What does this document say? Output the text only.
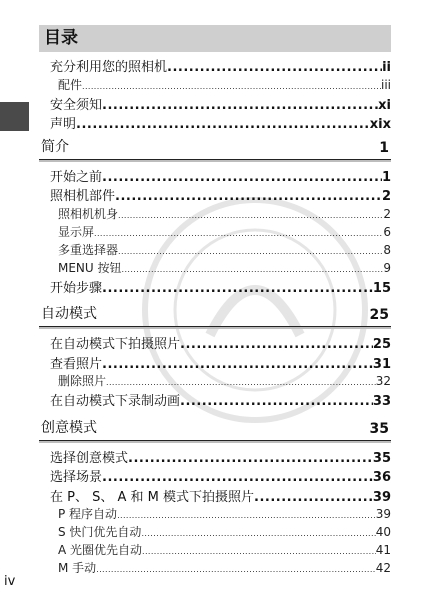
目录
充分利用您的照相机 .....	ii
配件 .....	iii
安全须知 .....	xi
声明 .....	xix
简介	1
开始之前 .....	1
照相机部件 .....	2
照相机机身 .....	2
显示屏 .....	6
多重选择器 .....	8
MENU 按钮 .....	9
开始步骤 .....	15
自动模式	25
在自动模式下拍摄照片 .....	25
查看照片 .....	31
删除照片 .....	32
在自动模式下录制动画 .....	33
创意模式	35
选择创意模式 .....	35
选择场景 .....	36
在 P、 S、 A 和 M 模式下拍摄照片 .....	39
P 程序自动 .....	39
S 快门优先自动 .....	40
A 光圈优先自动 .....	41
M 手动 .....	42
iv
